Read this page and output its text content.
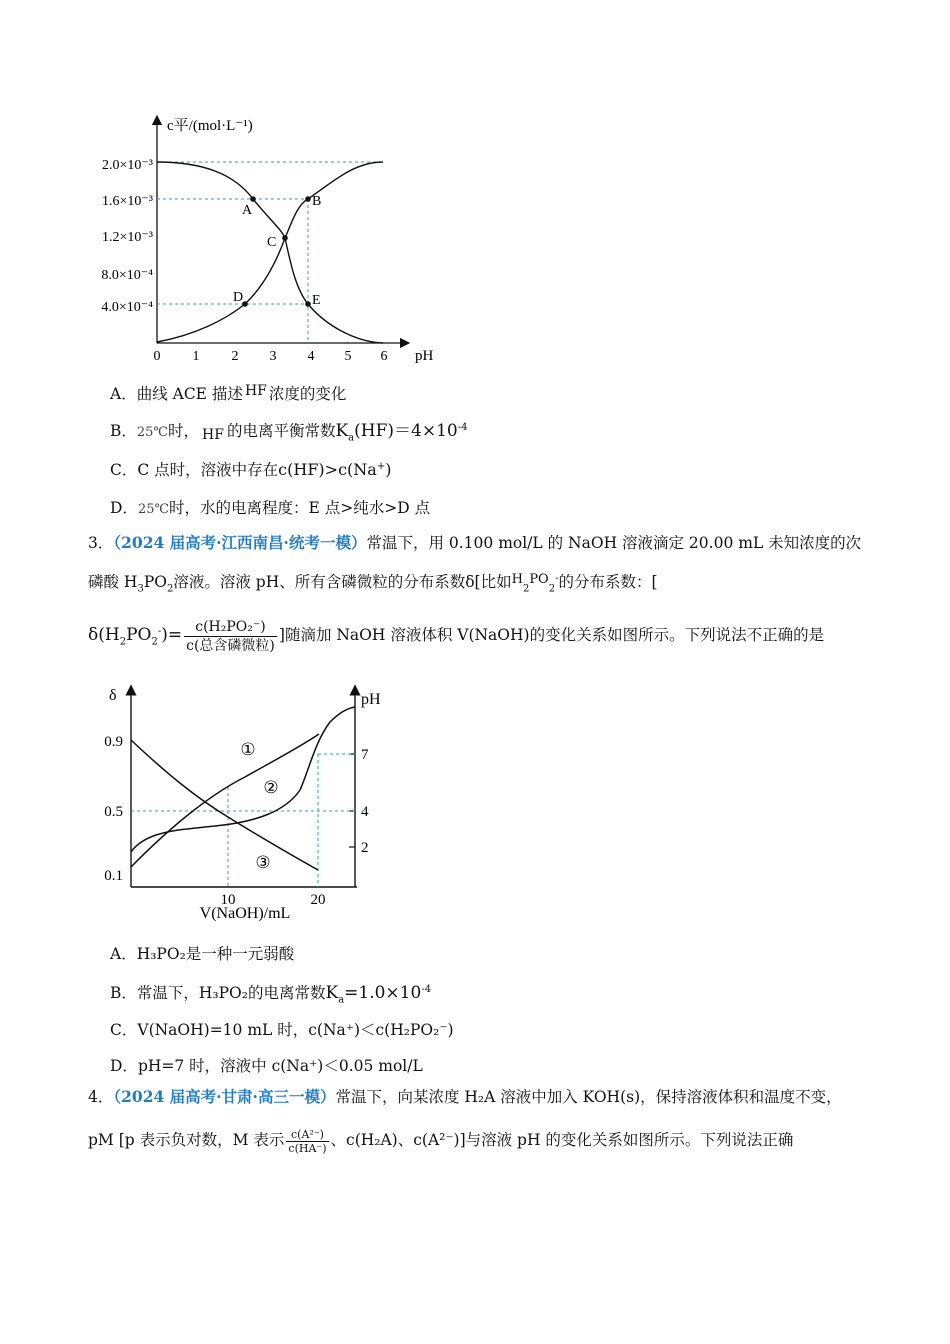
c平/(mol·L⁻¹)
pH
2.0×10⁻³
1.6×10⁻³
1.2×10⁻³
8.0×10⁻⁴
4.0×10⁻⁴
0 1 2 3 4 5 6
A
B
C
D	E
A．曲线 ACE 描述 HF 浓度的变化
B．25℃时， HF 的电离平衡常数$K_a(HF)=4\times 10^{-4}$
C．C 点时，溶液中存在c(HF)>c(Na+)
D．25℃时，水的电离程度：E 点>纯水>D 点
3．（2024 届高考·江西南昌·统考一模）常温下，用 0.100 mol/L 的 NaOH 溶液滴定 20.00 mL 未知浓度的次
磷酸 $H_3PO_2$溶液。溶液 pH、所有含磷微粒的分布系数δ[比如$^H_2^{PO}_2$-的分布系数：[
$\delta(H_2PO_2^-)= \frac{\text{c(H₂PO₂⁻)}}{\text{c(总含磷微粒)}}$ ]随滴加 NaOH 溶液体积 V(NaOH)的变化关系如图所示。下列说法不正确的是
δ	pH
V(NaOH)/mL
0.9
0.5
0.1
7
4
2
10	20
①
②
③
A．H₃PO₂是一种一元弱酸
B．常温下，H₃PO₂的电离常数$K_a=1.0\times 10^{-4}$
C．V(NaOH)=10 mL 时，c(Na⁺)＜c(H₂PO₂⁻)
D．pH=7 时，溶液中 c(Na⁺)＜0.05 mol/L
4．（2024 届高考·甘肃·高三一模）常温下，向某浓度 H₂A 溶液中加入 KOH(s)，保持溶液体积和温度不变，
pM [p 表示负对数，M 表示 $\frac{\text{c(A²⁻)}}{c(HA^-)}$ 、c(H₂A)、c(A²⁻)]与溶液 pH 的变化关系如图所示。下列说法正确
